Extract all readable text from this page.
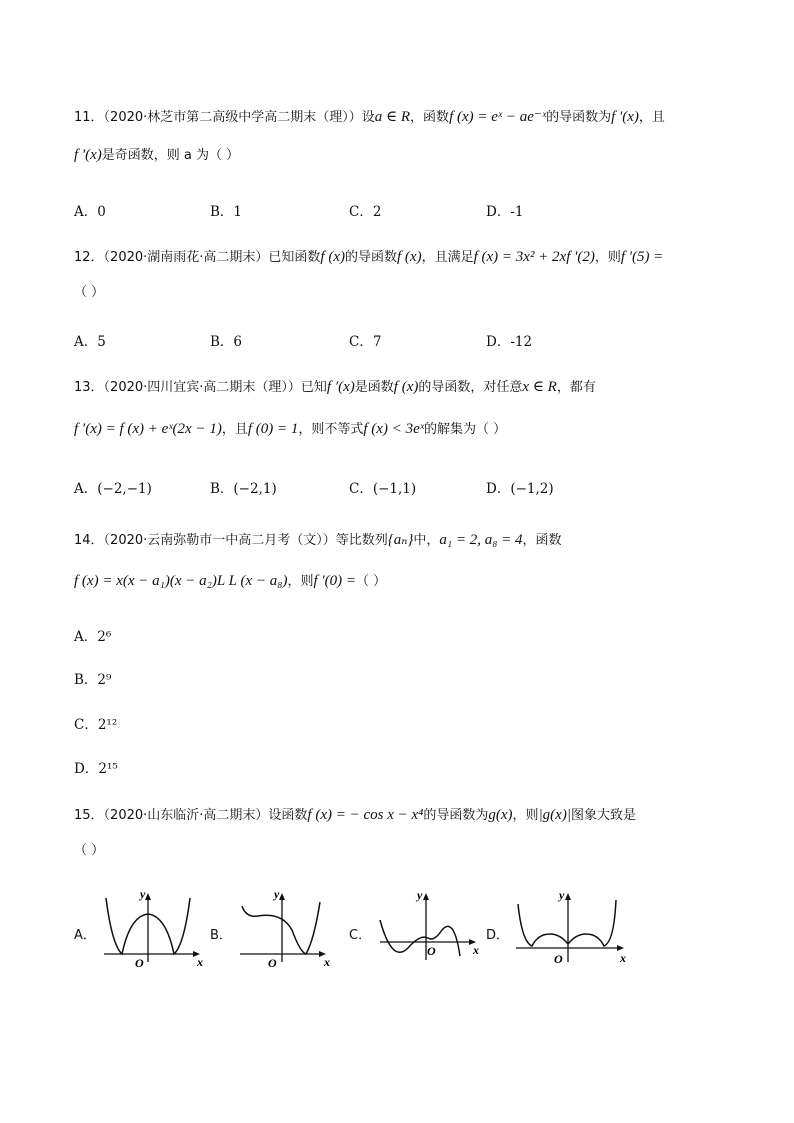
11．（2020·林芝市第二高级中学高二期末（理））设a ∈ R，函数f (x) = eˣ − ae⁻ˣ的导函数为f '(x)，且
f '(x)是奇函数，则 a 为（ ）
A．0	B．1	C．2	D．-1
12．（2020·湖南雨花·高二期末）已知函数f (x)的导函数f (x)，且满足f (x) = 3x² + 2xf '(2)，则f '(5) =
（ ）
A．5	B．6	C．7	D．-12
13．（2020·四川宜宾·高二期末（理））已知f ′(x)是函数f (x)的导函数，对任意x ∈ R，都有
f ′(x) = f (x) + eˣ(2x − 1)，且f (0) = 1，则不等式f (x) < 3eˣ的解集为（ ）
A．(−2,−1)	B．(−2,1)	C．(−1,1)	D．(−1,2)
14．（2020·云南弥勒市一中高二月考（文））等比数列{aₙ}中，a₁ = 2, a₈ = 4，函数
f (x) = x(x − a₁)(x − a₂)L L (x − a₈)，则f ′(0) =（ ）
A．2⁶
B．2⁹
C．2¹²
D．2¹⁵
15．（2020·山东临沂·高二期末）设函数f (x) = − cos x − x⁴的导函数为g(x)，则|g(x)|图象大致是
（ ）
A．	B．	C．	D．
y
x
O
y
x
O
y
x
O
y
x
O
